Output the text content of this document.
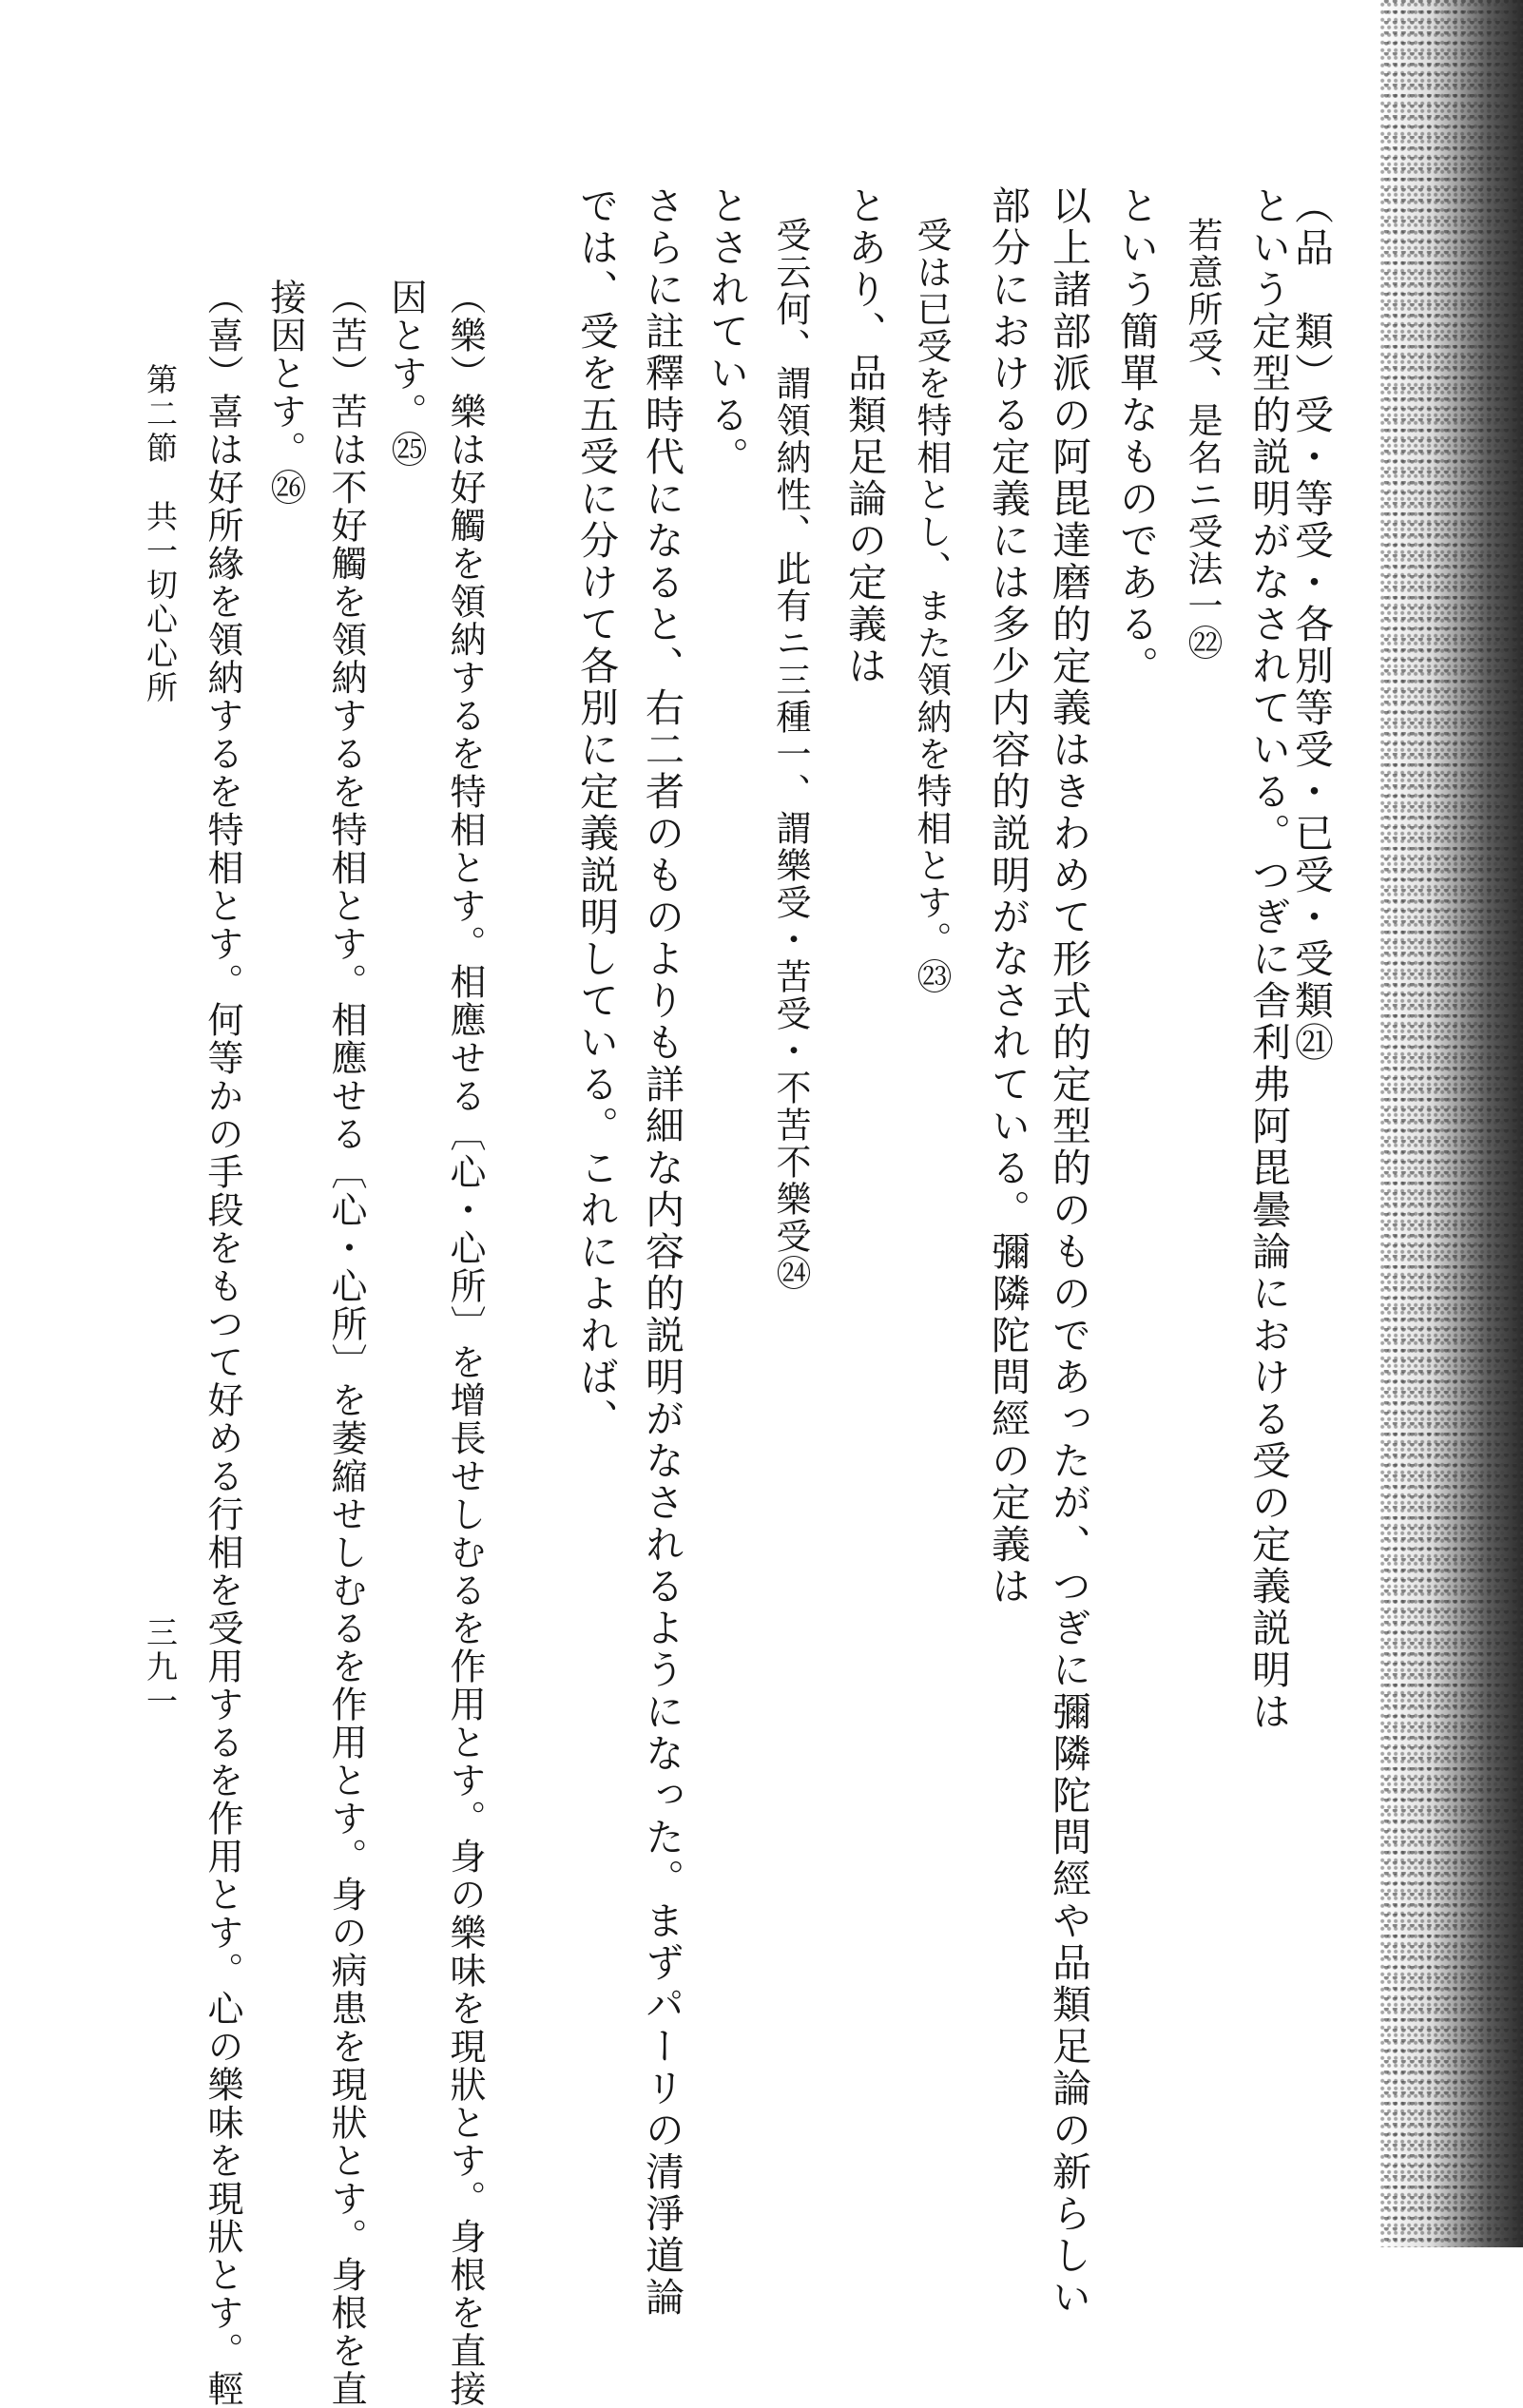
（品　類）受・等受・各別等受・已受・受類㉑
という定型的説明がなされている。つぎに舎利弗阿毘曇論における受の定義説明は
若意所受、是名ニ受法一㉒
という簡單なものである。
以上諸部派の阿毘達磨的定義はきわめて形式的定型的のものであったが、つぎに彌隣陀問經や品類足論の新らしい
部分における定義には多少内容的説明がなされている。彌隣陀問經の定義は
受は已受を特相とし、また領納を特相とす。㉓
とあり、品類足論の定義は
受云何、謂領納性、此有ニ三種一、謂樂受・苦受・不苦不樂受㉔
とされている。
さらに註釋時代になると、右二者のものよりも詳細な内容的説明がなされるようになった。まずパーリの清淨道論
では、受を五受に分けて各別に定義説明している。これによれば、
（樂）樂は好觸を領納するを特相とす。相應せる〔心・心所〕を增長せしむるを作用とす。身の樂味を現狀とす。身根を直接
因とす。㉕
（苦）苦は不好觸を領納するを特相とす。相應せる〔心・心所〕を萎縮せしむるを作用とす。身の病患を現狀とす。身根を直
接因とす。㉖
（喜）喜は好所緣を領納するを特相とす。何等かの手段をもつて好める行相を受用するを作用とす。心の樂味を現狀とす。輕
第二節　共一切心心所
三九一
